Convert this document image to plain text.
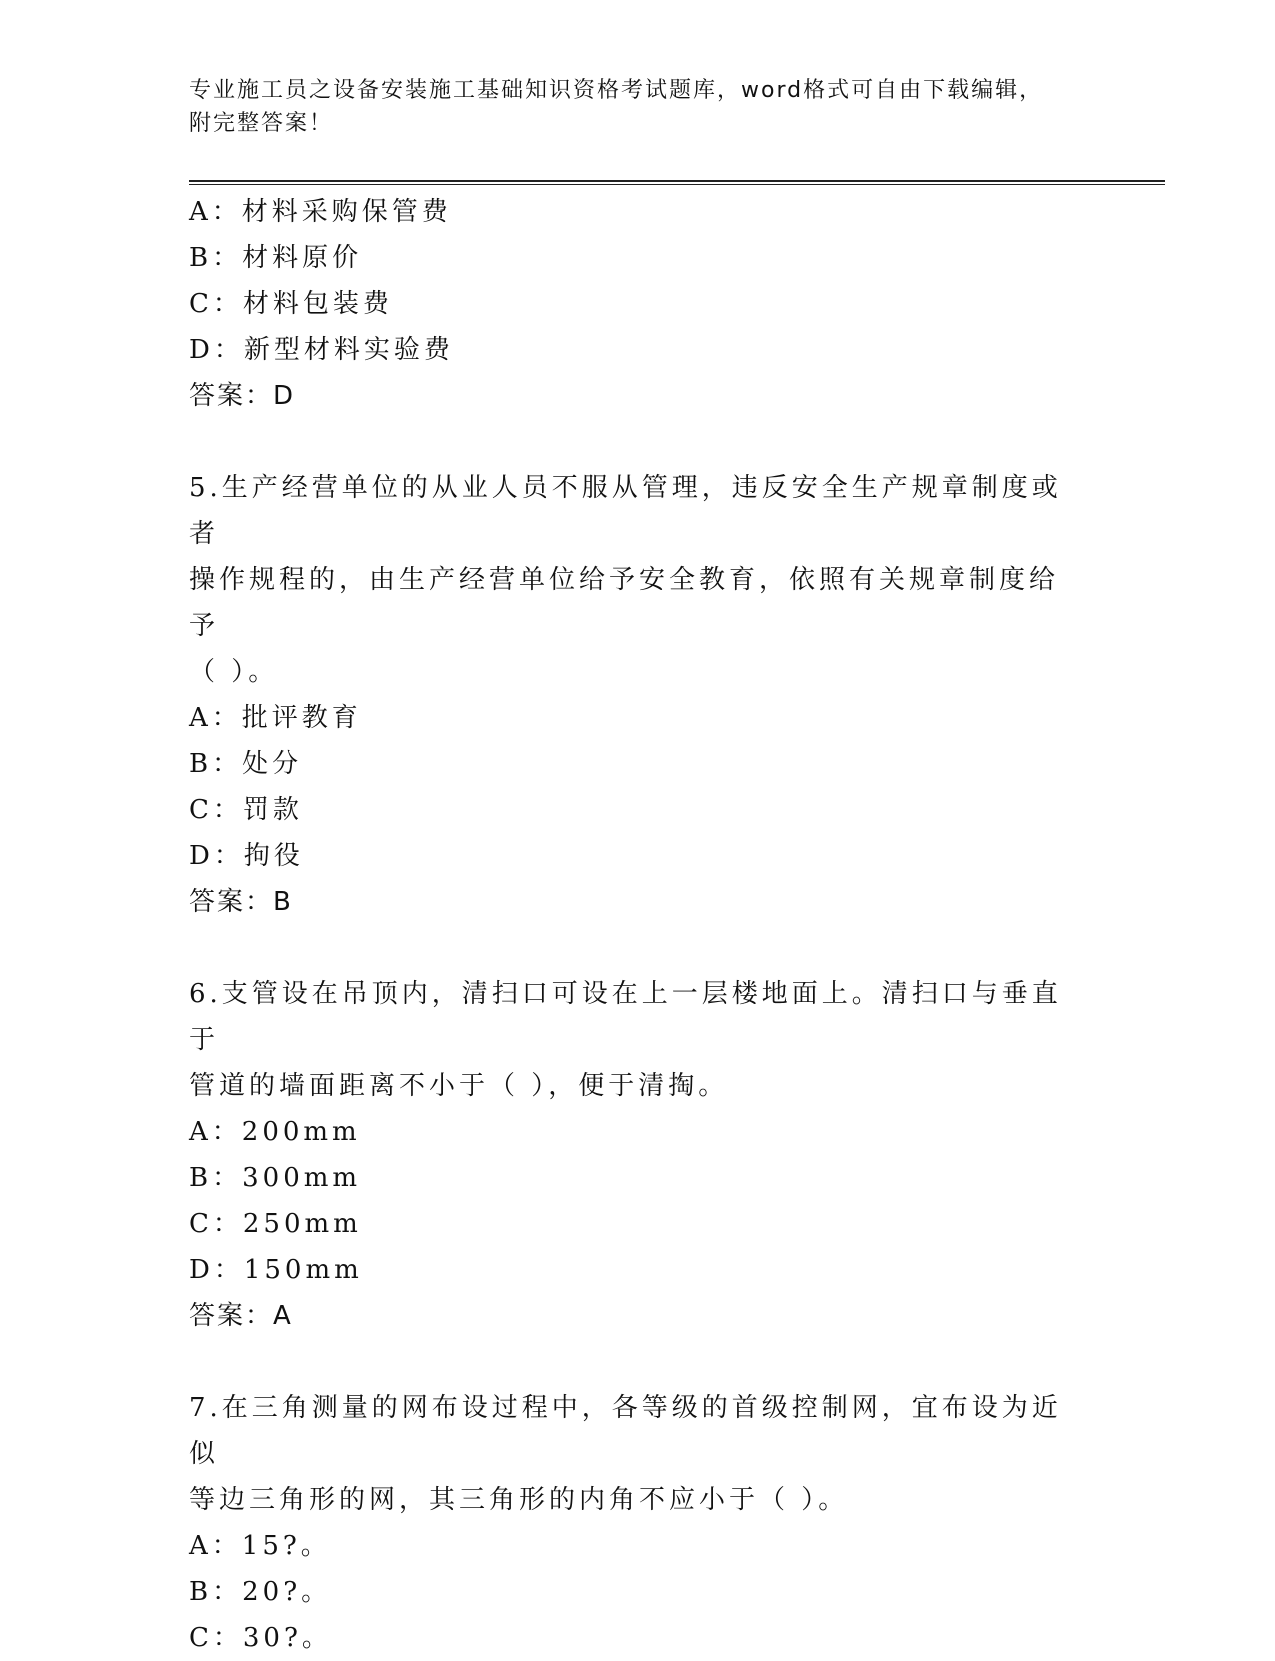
专业施工员之设备安装施工基础知识资格考试题库，word格式可自由下载编辑，
附完整答案！
A：材料采购保管费
B：材料原价
C：材料包装费
D：新型材料实验费
答案：D
5.生产经营单位的从业人员不服从管理，违反安全生产规章制度或者
操作规程的，由生产经营单位给予安全教育，依照有关规章制度给予
（ ）。
A：批评教育
B：处分
C：罚款
D：拘役
答案：B
6.支管设在吊顶内，清扫口可设在上一层楼地面上。清扫口与垂直于
管道的墙面距离不小于（ ），便于清掏。
A：200mm
B：300mm
C：250mm
D：150mm
答案：A
7.在三角测量的网布设过程中，各等级的首级控制网，宜布设为近似
等边三角形的网，其三角形的内角不应小于（ ）。
A：15?。
B：20?。
C：30?。
